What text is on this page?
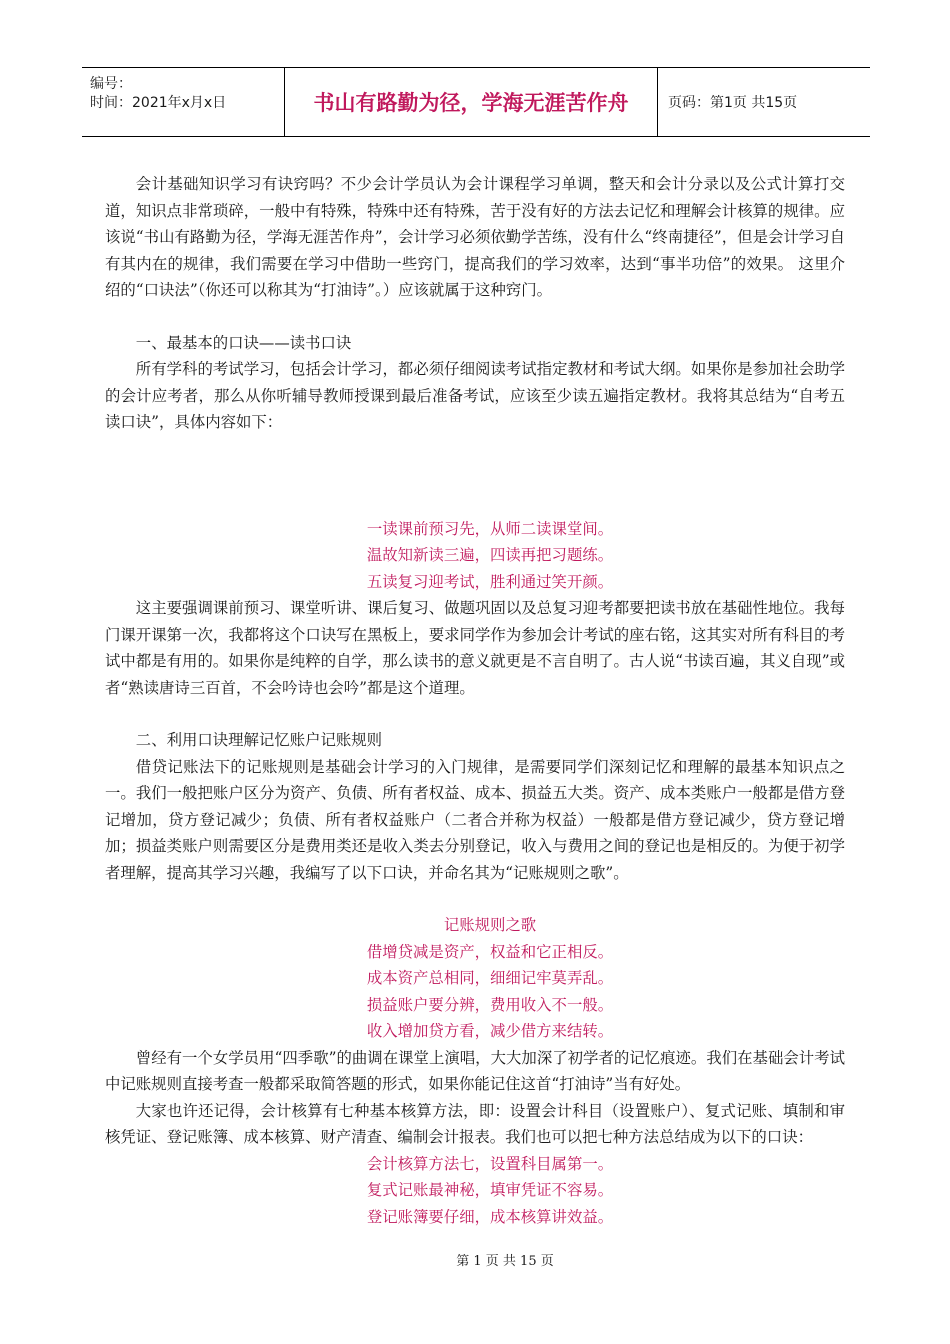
编号：
时间：2021年x月x日	书山有路勤为径，学海无涯苦作舟	页码：第1页 共15页

会计基础知识学习有诀窍吗？不少会计学员认为会计课程学习单调，整天和会计分录以及公式计算打交道，知识点非常琐碎，一般中有特殊，特殊中还有特殊，苦于没有好的方法去记忆和理解会计核算的规律。应该说“书山有路勤为径，学海无涯苦作舟”，会计学习必须依勤学苦练，没有什么“终南捷径”，但是会计学习自有其内在的规律，我们需要在学习中借助一些窍门，提高我们的学习效率，达到“事半功倍”的效果。 这里介绍的“口诀法”（你还可以称其为“打油诗”。）应该就属于这种窍门。

一、最基本的口诀——读书口诀

所有学科的考试学习，包括会计学习，都必须仔细阅读考试指定教材和考试大纲。如果你是参加社会助学的会计应考者，那么从你听辅导教师授课到最后准备考试，应该至少读五遍指定教材。我将其总结为“自考五读口诀”，具体内容如下：

一读课前预习先，从师二读课堂间。

温故知新读三遍，四读再把习题练。

五读复习迎考试，胜利通过笑开颜。

这主要强调课前预习、课堂听讲、课后复习、做题巩固以及总复习迎考都要把读书放在基础性地位。我每门课开课第一次，我都将这个口诀写在黑板上，要求同学作为参加会计考试的座右铭，这其实对所有科目的考试中都是有用的。如果你是纯粹的自学，那么读书的意义就更是不言自明了。古人说“书读百遍，其义自现”或者“熟读唐诗三百首，不会吟诗也会吟”都是这个道理。

二、利用口诀理解记忆账户记账规则

借贷记账法下的记账规则是基础会计学习的入门规律，是需要同学们深刻记忆和理解的最基本知识点之一。我们一般把账户区分为资产、负债、所有者权益、成本、损益五大类。资产、成本类账户一般都是借方登记增加，贷方登记减少；负债、所有者权益账户（二者合并称为权益）一般都是借方登记减少，贷方登记增加；损益类账户则需要区分是费用类还是收入类去分别登记，收入与费用之间的登记也是相反的。为便于初学者理解，提高其学习兴趣，我编写了以下口诀，并命名其为“记账规则之歌”。

记账规则之歌

借增贷减是资产，权益和它正相反。

成本资产总相同，细细记牢莫弄乱。

损益账户要分辨，费用收入不一般。

收入增加贷方看，减少借方来结转。

曾经有一个女学员用“四季歌”的曲调在课堂上演唱，大大加深了初学者的记忆痕迹。我们在基础会计考试中记账规则直接考查一般都采取简答题的形式，如果你能记住这首“打油诗”当有好处。

大家也许还记得，会计核算有七种基本核算方法，即：设置会计科目（设置账户）、复式记账、填制和审核凭证、登记账簿、成本核算、财产清查、编制会计报表。我们也可以把七种方法总结成为以下的口诀：

会计核算方法七，设置科目属第一。

复式记账最神秘，填审凭证不容易。

登记账簿要仔细，成本核算讲效益。

第 1 页 共 15 页
